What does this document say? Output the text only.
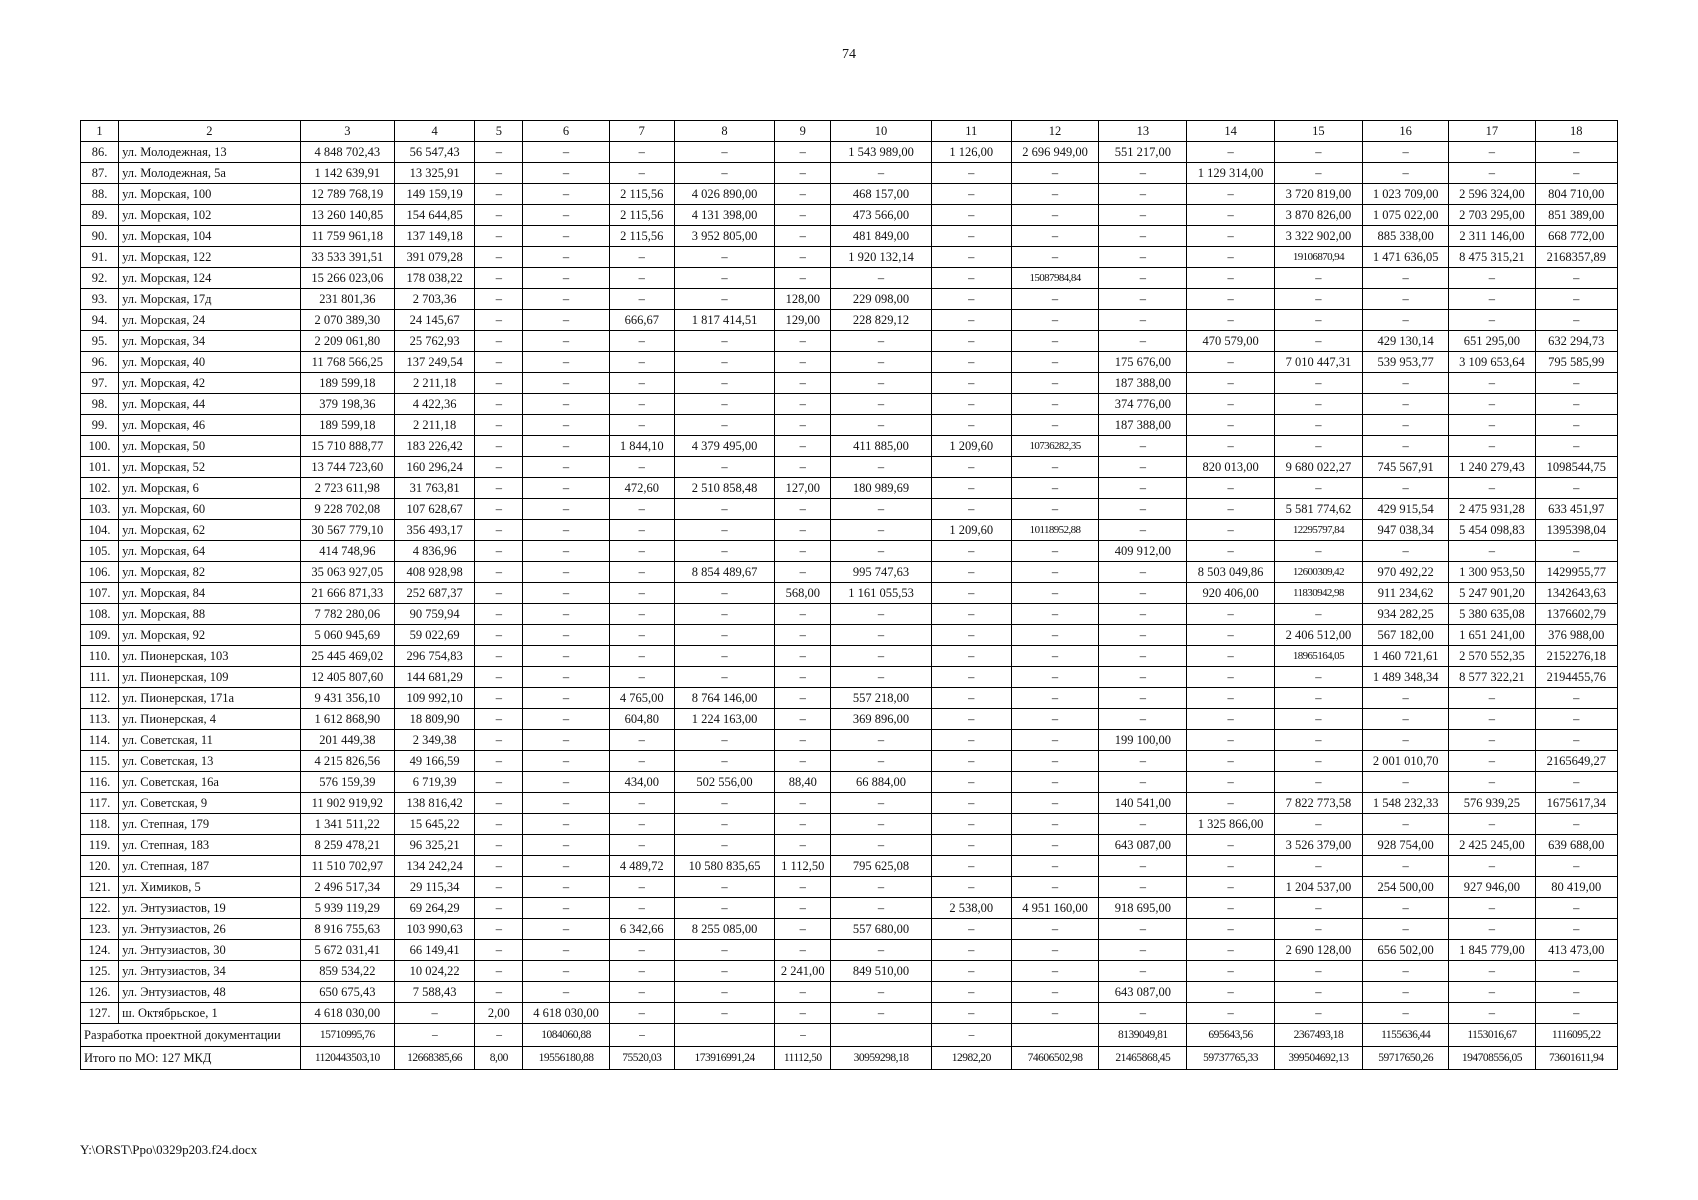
74
1	2	3	4	5	6	7	8	9	10	11	12	13	14	15	16	17	18
86.	ул. Молодежная, 13	4 848 702,43	56 547,43	–	–	–	–	–	1 543 989,00	1 126,00	2 696 949,00	551 217,00	–	–	–	–	–
87.	ул. Молодежная, 5а	1 142 639,91	13 325,91	–	–	–	–	–	–	–	–	–	1 129 314,00	–	–	–	–
88.	ул. Морская, 100	12 789 768,19	149 159,19	–	–	2 115,56	4 026 890,00	–	468 157,00	–	–	–	–	3 720 819,00	1 023 709,00	2 596 324,00	804 710,00
89.	ул. Морская, 102	13 260 140,85	154 644,85	–	–	2 115,56	4 131 398,00	–	473 566,00	–	–	–	–	3 870 826,00	1 075 022,00	2 703 295,00	851 389,00
90.	ул. Морская, 104	11 759 961,18	137 149,18	–	–	2 115,56	3 952 805,00	–	481 849,00	–	–	–	–	3 322 902,00	885 338,00	2 311 146,00	668 772,00
91.	ул. Морская, 122	33 533 391,51	391 079,28	–	–	–	–	–	1 920 132,14	–	–	–	–	19106870,94	1 471 636,05	8 475 315,21	2168357,89
92.	ул. Морская, 124	15 266 023,06	178 038,22	–	–	–	–	–	–	–	15087984,84	–	–	–	–	–	–
93.	ул. Морская, 17д	231 801,36	2 703,36	–	–	–	–	128,00	229 098,00	–	–	–	–	–	–	–	–
94.	ул. Морская, 24	2 070 389,30	24 145,67	–	–	666,67	1 817 414,51	129,00	228 829,12	–	–	–	–	–	–	–	–
95.	ул. Морская, 34	2 209 061,80	25 762,93	–	–	–	–	–	–	–	–	–	470 579,00	–	429 130,14	651 295,00	632 294,73
96.	ул. Морская, 40	11 768 566,25	137 249,54	–	–	–	–	–	–	–	–	175 676,00	–	7 010 447,31	539 953,77	3 109 653,64	795 585,99
97.	ул. Морская, 42	189 599,18	2 211,18	–	–	–	–	–	–	–	–	187 388,00	–	–	–	–	–
98.	ул. Морская, 44	379 198,36	4 422,36	–	–	–	–	–	–	–	–	374 776,00	–	–	–	–	–
99.	ул. Морская, 46	189 599,18	2 211,18	–	–	–	–	–	–	–	–	187 388,00	–	–	–	–	–
100.	ул. Морская, 50	15 710 888,77	183 226,42	–	–	1 844,10	4 379 495,00	–	411 885,00	1 209,60	10736282,35	–	–	–	–	–	–
101.	ул. Морская, 52	13 744 723,60	160 296,24	–	–	–	–	–	–	–	–	–	820 013,00	9 680 022,27	745 567,91	1 240 279,43	1098544,75
102.	ул. Морская, 6	2 723 611,98	31 763,81	–	–	472,60	2 510 858,48	127,00	180 989,69	–	–	–	–	–	–	–	–
103.	ул. Морская, 60	9 228 702,08	107 628,67	–	–	–	–	–	–	–	–	–	–	5 581 774,62	429 915,54	2 475 931,28	633 451,97
104.	ул. Морская, 62	30 567 779,10	356 493,17	–	–	–	–	–	–	1 209,60	10118952,88	–	–	12295797,84	947 038,34	5 454 098,83	1395398,04
105.	ул. Морская, 64	414 748,96	4 836,96	–	–	–	–	–	–	–	–	409 912,00	–	–	–	–	–
106.	ул. Морская, 82	35 063 927,05	408 928,98	–	–	–	8 854 489,67	–	995 747,63	–	–	–	8 503 049,86	12600309,42	970 492,22	1 300 953,50	1429955,77
107.	ул. Морская, 84	21 666 871,33	252 687,37	–	–	–	–	568,00	1 161 055,53	–	–	–	920 406,00	11830942,98	911 234,62	5 247 901,20	1342643,63
108.	ул. Морская, 88	7 782 280,06	90 759,94	–	–	–	–	–	–	–	–	–	–	–	934 282,25	5 380 635,08	1376602,79
109.	ул. Морская, 92	5 060 945,69	59 022,69	–	–	–	–	–	–	–	–	–	–	2 406 512,00	567 182,00	1 651 241,00	376 988,00
110.	ул. Пионерская, 103	25 445 469,02	296 754,83	–	–	–	–	–	–	–	–	–	–	18965164,05	1 460 721,61	2 570 552,35	2152276,18
111.	ул. Пионерская, 109	12 405 807,60	144 681,29	–	–	–	–	–	–	–	–	–	–	–	1 489 348,34	8 577 322,21	2194455,76
112.	ул. Пионерская, 171а	9 431 356,10	109 992,10	–	–	4 765,00	8 764 146,00	–	557 218,00	–	–	–	–	–	–	–	–
113.	ул. Пионерская, 4	1 612 868,90	18 809,90	–	–	604,80	1 224 163,00	–	369 896,00	–	–	–	–	–	–	–	–
114.	ул. Советская, 11	201 449,38	2 349,38	–	–	–	–	–	–	–	–	199 100,00	–	–	–	–	–
115.	ул. Советская, 13	4 215 826,56	49 166,59	–	–	–	–	–	–	–	–	–	–	–	2 001 010,70	–	2165649,27
116.	ул. Советская, 16а	576 159,39	6 719,39	–	–	434,00	502 556,00	88,40	66 884,00	–	–	–	–	–	–	–	–
117.	ул. Советская, 9	11 902 919,92	138 816,42	–	–	–	–	–	–	–	–	140 541,00	–	7 822 773,58	1 548 232,33	576 939,25	1675617,34
118.	ул. Степная, 179	1 341 511,22	15 645,22	–	–	–	–	–	–	–	–	–	1 325 866,00	–	–	–	–
119.	ул. Степная, 183	8 259 478,21	96 325,21	–	–	–	–	–	–	–	–	643 087,00	–	3 526 379,00	928 754,00	2 425 245,00	639 688,00
120.	ул. Степная, 187	11 510 702,97	134 242,24	–	–	4 489,72	10 580 835,65	1 112,50	795 625,08	–	–	–	–	–	–	–	–
121.	ул. Химиков, 5	2 496 517,34	29 115,34	–	–	–	–	–	–	–	–	–	–	1 204 537,00	254 500,00	927 946,00	80 419,00
122.	ул. Энтузиастов, 19	5 939 119,29	69 264,29	–	–	–	–	–	–	2 538,00	4 951 160,00	918 695,00	–	–	–	–	–
123.	ул. Энтузиастов, 26	8 916 755,63	103 990,63	–	–	6 342,66	8 255 085,00	–	557 680,00	–	–	–	–	–	–	–	–
124.	ул. Энтузиастов, 30	5 672 031,41	66 149,41	–	–	–	–	–	–	–	–	–	–	2 690 128,00	656 502,00	1 845 779,00	413 473,00
125.	ул. Энтузиастов, 34	859 534,22	10 024,22	–	–	–	–	2 241,00	849 510,00	–	–	–	–	–	–	–	–
126.	ул. Энтузиастов, 48	650 675,43	7 588,43	–	–	–	–	–	–	–	–	643 087,00	–	–	–	–	–
127.	ш. Октябрьское, 1	4 618 030,00	–	2,00	4 618 030,00	–	–	–	–	–	–	–	–	–	–	–	–
Разработка проектной документации		15710995,76	–	–	1084060,88	–		–		–		8139049,81	695643,56	2367493,18	1155636,44	1153016,67	1116095,22
Итого по МО: 127 МКД		1120443503,10	12668385,66	8,00	19556180,88	75520,03	173916991,24	11112,50	30959298,18	12982,20	74606502,98	21465868,45	59737765,33	399504692,13	59717650,26	194708556,05	73601611,94
Y:\ORST\Ppo\0329p203.f24.docx
